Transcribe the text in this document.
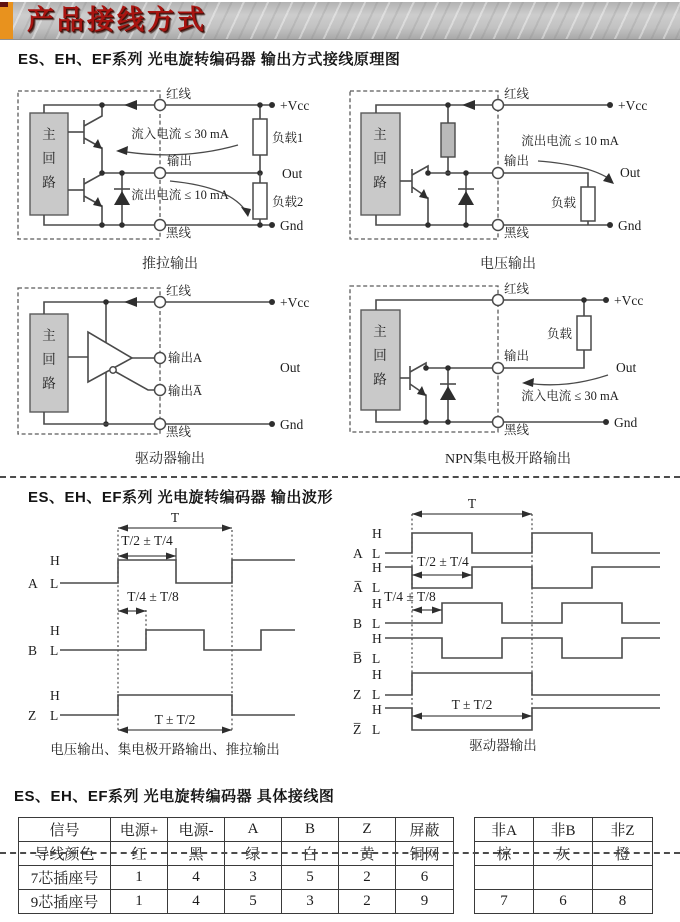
产品接线方式
ES、EH、EF系列 光电旋转编码器 输出方式接线原理图
主
回
路
红线
输出
黑线
流入电流 ≤ 30 mA
流出电流 ≤ 10 mA
+Vcc
Out
Gnd
负载1
负载2
推拉输出
主
回
路
红线
输出
黑线
流出电流 ≤ 10 mA
+Vcc
Out
Gnd
负载
电压输出
主
回
路
红线
输出A
输出A̅
黑线
+Vcc
Out
Gnd
驱动器输出
主
回
路
红线
输出
黑线
负载
流入电流 ≤ 30 mA
+Vcc
Out
Gnd
NPN集电极开路输出
ES、EH、EF系列 光电旋转编码器 输出波形
T
T/2 ± T/4
T/4 ± T/8
T ± T/2
A
H
L
B
H
L
Z
H
L
电压输出、集电极开路输出、推拉输出
T
T/2 ± T/4
T/4 ± T/8
T ± T/2
A
H
L
A̅
H
L
B
H
L
B̅
H
L
Z
H
L
Z̅
H
L
驱动器输出
ES、EH、EF系列 光电旋转编码器 具体接线图
信号	电源+	电源-	A	B	Z	屏蔽
导线颜色	红	黑	绿	白	黄	铜网
7芯插座号	1	4	3	5	2	6
9芯插座号	1	4	5	3	2	9
非A	非B	非Z
棕	灰	橙

7	6	8
